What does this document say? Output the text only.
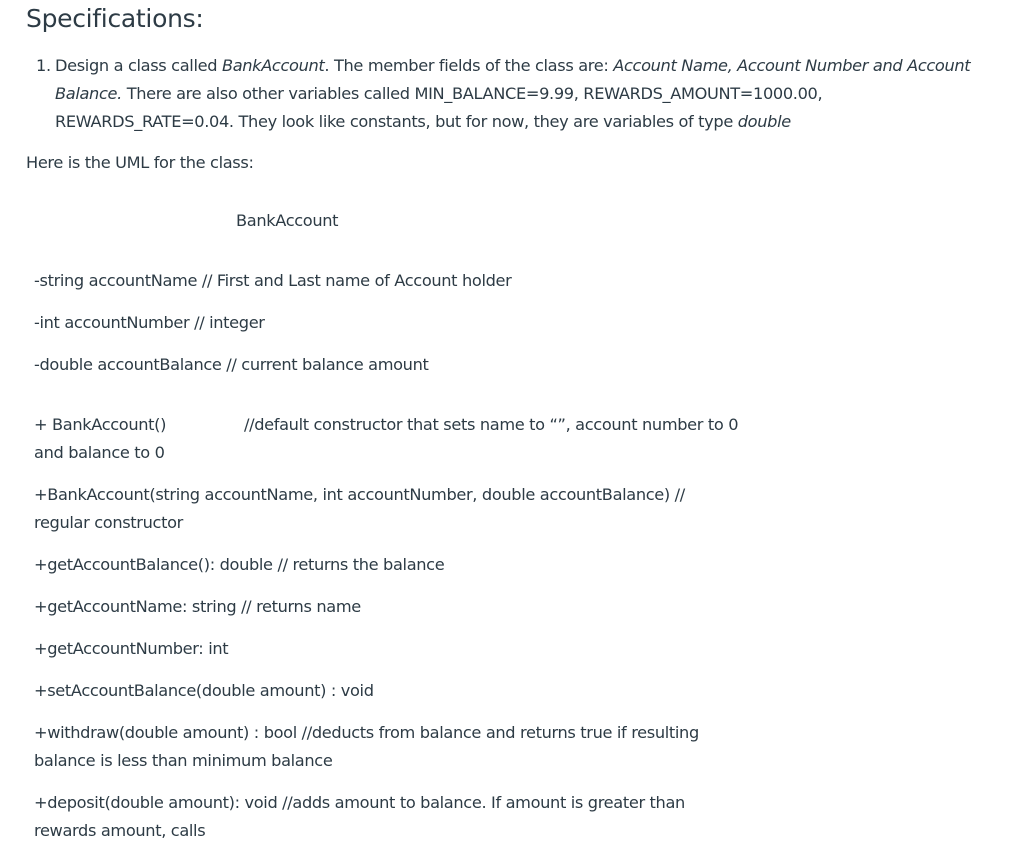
Specifications:
1. Design a class called BankAccount. The member fields of the class are: Account Name, Account Number and Account Balance. There are also other variables called MIN_BALANCE=9.99, REWARDS_AMOUNT=1000.00, REWARDS_RATE=0.04. They look like constants, but for now, they are variables of type double
Here is the UML for the class:
BankAccount
-string accountName // First and Last name of Account holder
-int accountNumber // integer
-double accountBalance // current balance amount
+ BankAccount()	//default constructor that sets name to “”, account number to 0
and balance to 0
+BankAccount(string accountName, int accountNumber, double accountBalance) //
regular constructor
+getAccountBalance(): double // returns the balance
+getAccountName: string // returns name
+getAccountNumber: int
+setAccountBalance(double amount) : void
+withdraw(double amount) : bool //deducts from balance and returns true if resulting
balance is less than minimum balance
+deposit(double amount): void //adds amount to balance. If amount is greater than
rewards amount, calls
